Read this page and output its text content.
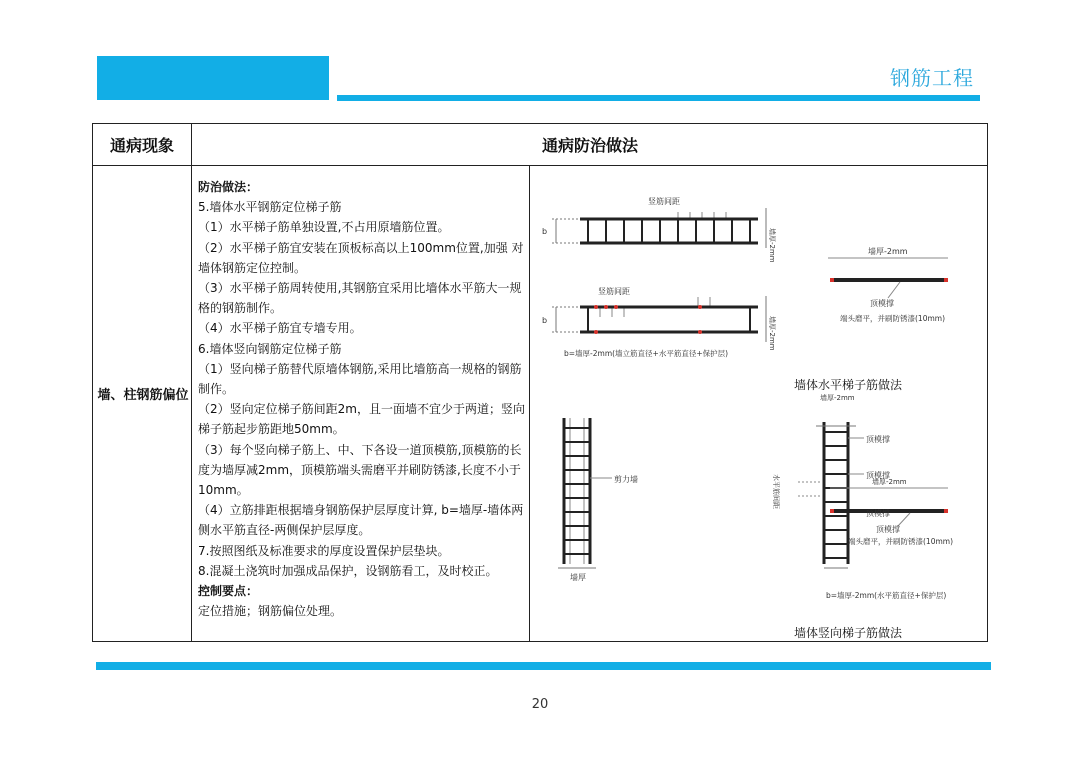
钢筋工程
通病现象	通病防治做法
墙、柱钢筋偏位

防治做法：

5.墙体水平钢筋定位梯子筋

（1）水平梯子筋单独设置,不占用原墙筋位置。

（2）水平梯子筋宜安装在顶板标高以上100mm位置,加强 对墙体钢筋定位控制。

（3）水平梯子筋周转使用,其钢筋宜采用比墙体水平筋大一规格的钢筋制作。

（4）水平梯子筋宜专墙专用。

6.墙体竖向钢筋定位梯子筋

（1）竖向梯子筋替代原墙体钢筋,采用比墙筋高一规格的钢筋制作。

（2）竖向定位梯子筋间距2m，且一面墙不宜少于两道；竖向梯子筋起步筋距地50mm。

（3）每个竖向梯子筋上、中、下各设一道顶模筋,顶模筋的长度为墙厚减2mm，顶模筋端头需磨平并刷防锈漆,长度不小于10mm。

（4）立筋排距根据墙身钢筋保护层厚度计算, b=墙厚-墙体两侧水平筋直径-两侧保护层厚度。

7.按照图纸及标准要求的厚度设置保护层垫块。

8.混凝土浇筑时加强成品保护，设钢筋看工，及时校正。

控制要点：

定位措施；钢筋偏位处理。

竖筋间距
竖筋间距
b
b
墙厚-2mm
墙厚-2mm
墙厚-2mm
顶模撑
端头磨平，并刷防锈漆(10mm)
b=墙厚-2mm(墙立筋直径+水平筋直径+保护层)
墙厚-2mm
剪力墙	水平筋间距
顶模撑
顶模撑
顶模撑
墙厚
墙厚-2mm
顶模撑
端头磨平，并刷防锈漆(10mm)
b=墙厚-2mm(水平筋直径+保护层)
墙体水平梯子筋做法
墙体竖向梯子筋做法
20
